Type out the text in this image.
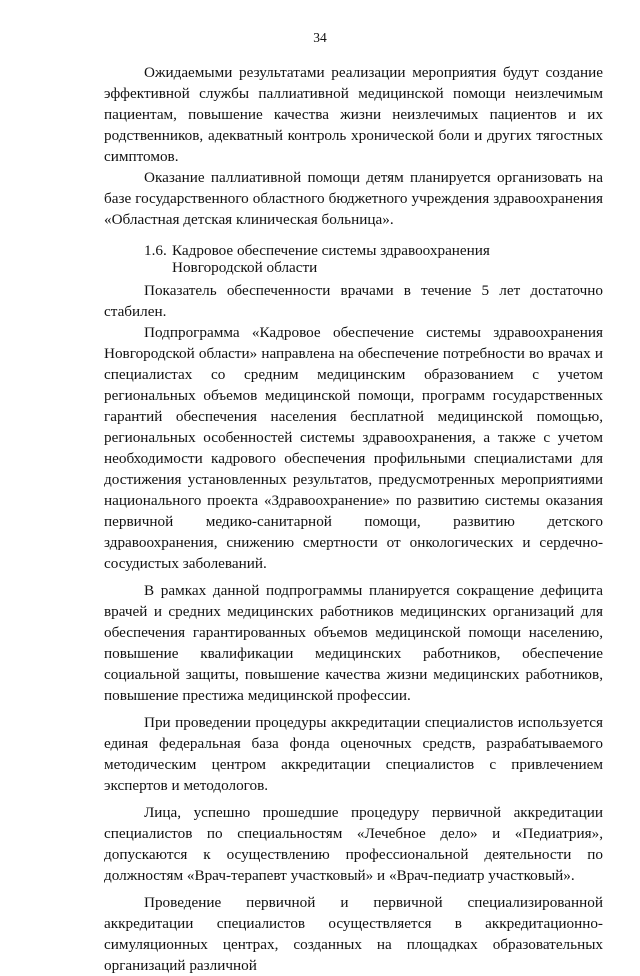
34

Ожидаемыми результатами реализации мероприятия будут создание эффективной службы паллиативной медицинской помощи неизлечимым пациентам, повышение качества жизни неизлечимых пациентов и их родственников, адекватный контроль хронической боли и других тягостных симптомов.

Оказание паллиативной помощи детям планируется организовать на базе государственного областного бюджетного учреждения здравоохранения «Областная детская клиническая больница».

1.6. Кадровое обеспечение системы здравоохранения Новгородской области

Показатель обеспеченности врачами в течение 5 лет достаточно стабилен.

Подпрограмма «Кадровое обеспечение системы здравоохранения Новгородской области» направлена на обеспечение потребности во врачах и специалистах со средним медицинским образованием с учетом региональных объемов медицинской помощи, программ государственных гарантий обеспечения населения бесплатной медицинской помощью, региональных особенностей системы здравоохранения, а также с учетом необходимости кадрового обеспечения профильными специалистами для достижения установленных результатов, предусмотренных мероприятиями национального проекта «Здравоохранение» по развитию системы оказания первичной медико-санитарной помощи, развитию детского здравоохранения, снижению смертности от онкологических и сердечно-сосудистых заболеваний.

В рамках данной подпрограммы планируется сокращение дефицита врачей и средних медицинских работников медицинских организаций для обеспечения гарантированных объемов медицинской помощи населению, повышение квалификации медицинских работников, обеспечение социальной защиты, повышение качества жизни медицинских работников, повышение престижа медицинской профессии.

При проведении процедуры аккредитации специалистов используется единая федеральная база фонда оценочных средств, разрабатываемого методическим центром аккредитации специалистов с привлечением экспертов и методологов.

Лица, успешно прошедшие процедуру первичной аккредитации специалистов по специальностям «Лечебное дело» и «Педиатрия», допускаются к осуществлению профессиональной деятельности по должностям «Врач-терапевт участковый» и «Врач-педиатр участковый».

Проведение первичной и первичной специализированной аккредитации специалистов осуществляется в аккредитационно-симуляционных центрах, созданных на площадках образовательных организаций различной
